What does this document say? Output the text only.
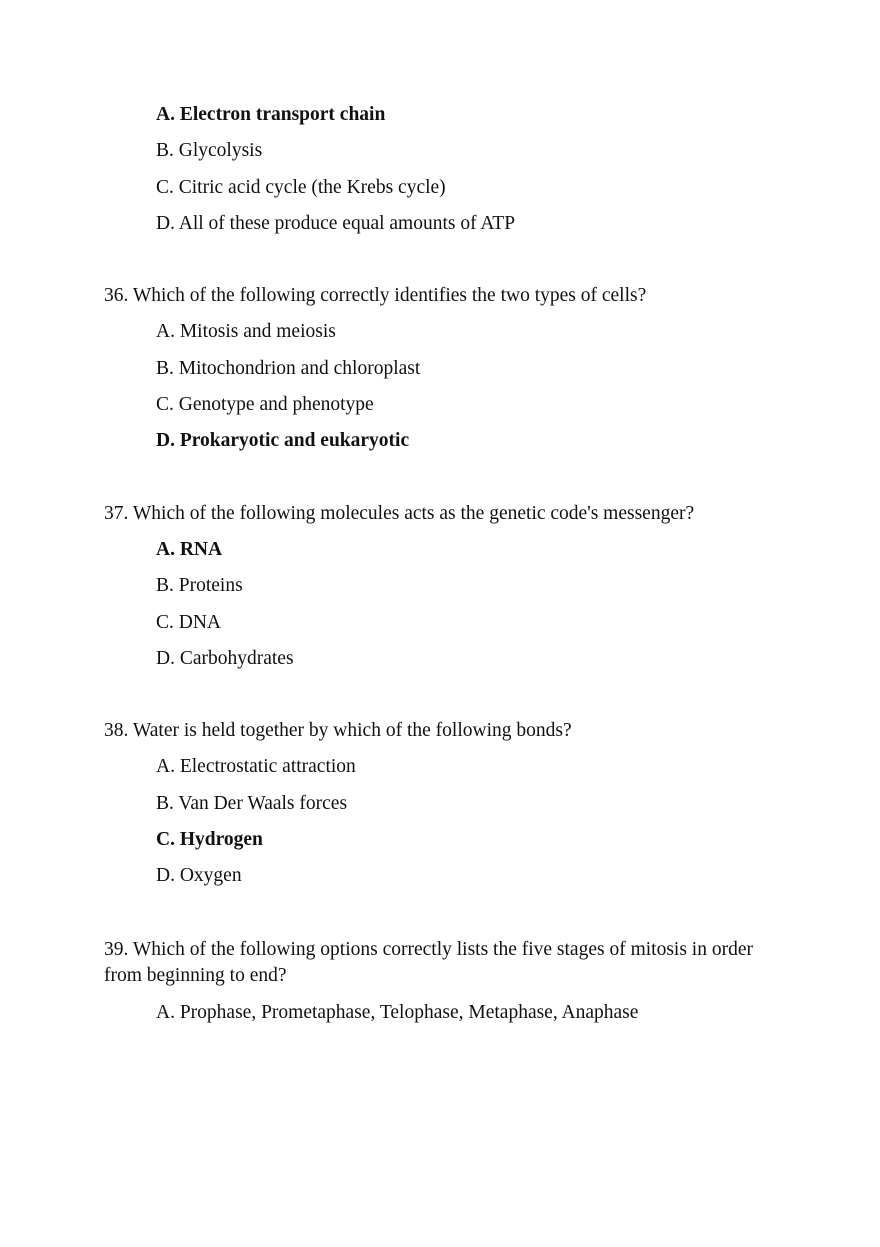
A. Electron transport chain
B. Glycolysis
C. Citric acid cycle (the Krebs cycle)
D. All of these produce equal amounts of ATP
36. Which of the following correctly identifies the two types of cells?
A. Mitosis and meiosis
B. Mitochondrion and chloroplast
C. Genotype and phenotype
D. Prokaryotic and eukaryotic
37. Which of the following molecules acts as the genetic code's messenger?
A. RNA
B. Proteins
C. DNA
D. Carbohydrates
38. Water is held together by which of the following bonds?
A. Electrostatic attraction
B. Van Der Waals forces
C. Hydrogen
D. Oxygen
39. Which of the following options correctly lists the five stages of mitosis in order from beginning to end?
A. Prophase, Prometaphase, Telophase, Metaphase, Anaphase
